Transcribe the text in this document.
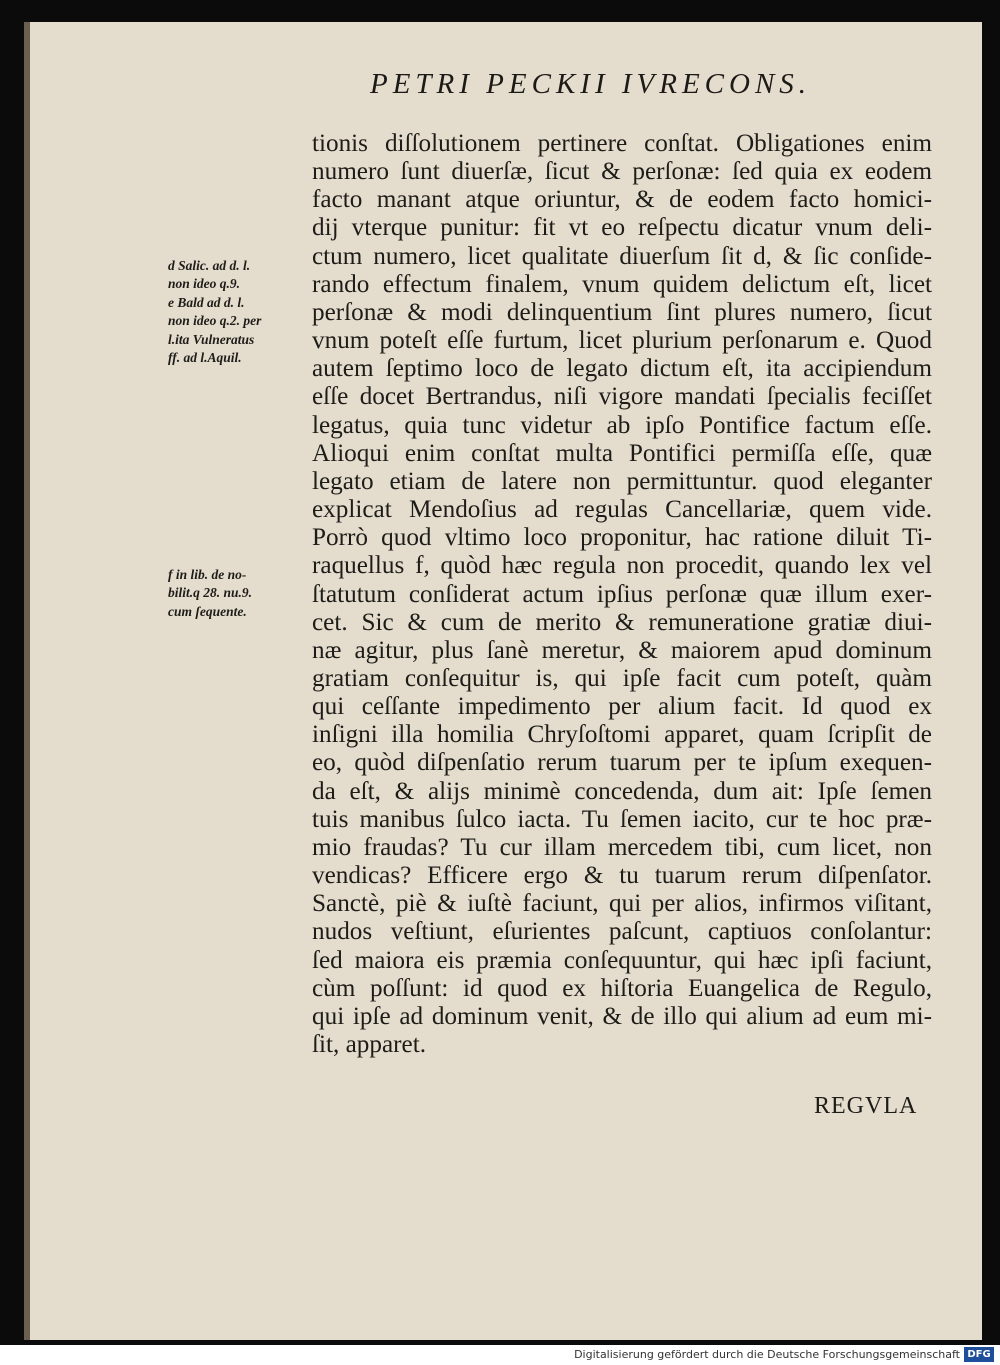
PETRI PECKII IVRECONS.
tionis diſſolutionem pertinere conſtat. Obligationes enim
numero ſunt diuerſæ, ſicut & perſonæ: ſed quia ex eodem
facto manant atque oriuntur, & de eodem facto homici-
dij vterque punitur: fit vt eo reſpectu dicatur vnum deli-
ctum numero, licet qualitate diuerſum ſit d, & ſic conſide-
rando effectum finalem, vnum quidem delictum eſt, licet
perſonæ & modi delinquentium ſint plures numero, ſicut
vnum poteſt eſſe furtum, licet plurium perſonarum e. Quod
autem ſeptimo loco de legato dictum eſt, ita accipiendum
eſſe docet Bertrandus, niſi vigore mandati ſpecialis feciſſet
legatus, quia tunc videtur ab ipſo Pontifice factum eſſe.
Alioqui enim conſtat multa Pontifici permiſſa eſſe, quæ
legato etiam de latere non permittuntur. quod eleganter
explicat Mendoſius ad regulas Cancellariæ, quem vide.
Porrò quod vltimo loco proponitur, hac ratione diluit Ti-
raquellus f, quòd hæc regula non procedit, quando lex vel
ſtatutum conſiderat actum ipſius perſonæ quæ illum exer-
cet. Sic & cum de merito & remuneratione gratiæ diui-
næ agitur, plus ſanè meretur, & maiorem apud dominum
gratiam conſequitur is, qui ipſe facit cum poteſt, quàm
qui ceſſante impedimento per alium facit. Id quod ex
inſigni illa homilia Chryſoſtomi apparet, quam ſcripſit de
eo, quòd diſpenſatio rerum tuarum per te ipſum exequen-
da eſt, & alijs minimè concedenda, dum ait: Ipſe ſemen
tuis manibus ſulco iacta. Tu ſemen iacito, cur te hoc præ-
mio fraudas? Tu cur illam mercedem tibi, cum licet, non
vendicas? Efficere ergo & tu tuarum rerum diſpenſator.
Sanctè, piè & iuſtè faciunt, qui per alios, infirmos viſitant,
nudos veſtiunt, eſurientes paſcunt, captiuos conſolantur:
ſed maiora eis præmia conſequuntur, qui hæc ipſi faciunt,
cùm poſſunt: id quod ex hiſtoria Euangelica de Regulo,
qui ipſe ad dominum venit, & de illo qui alium ad eum mi-
ſit, apparet.
d Salic. ad d. l.
non ideo q.9.
e Bald ad d. l.
non ideo q.2. per
l.ita Vulneratus
ff. ad l.Aquil.
f in lib. de no-
bilit.q 28. nu.9.
cum ſequente.
REGVLA
Digitalisierung gefördert durch die Deutsche Forschungsgemeinschaft DFG
